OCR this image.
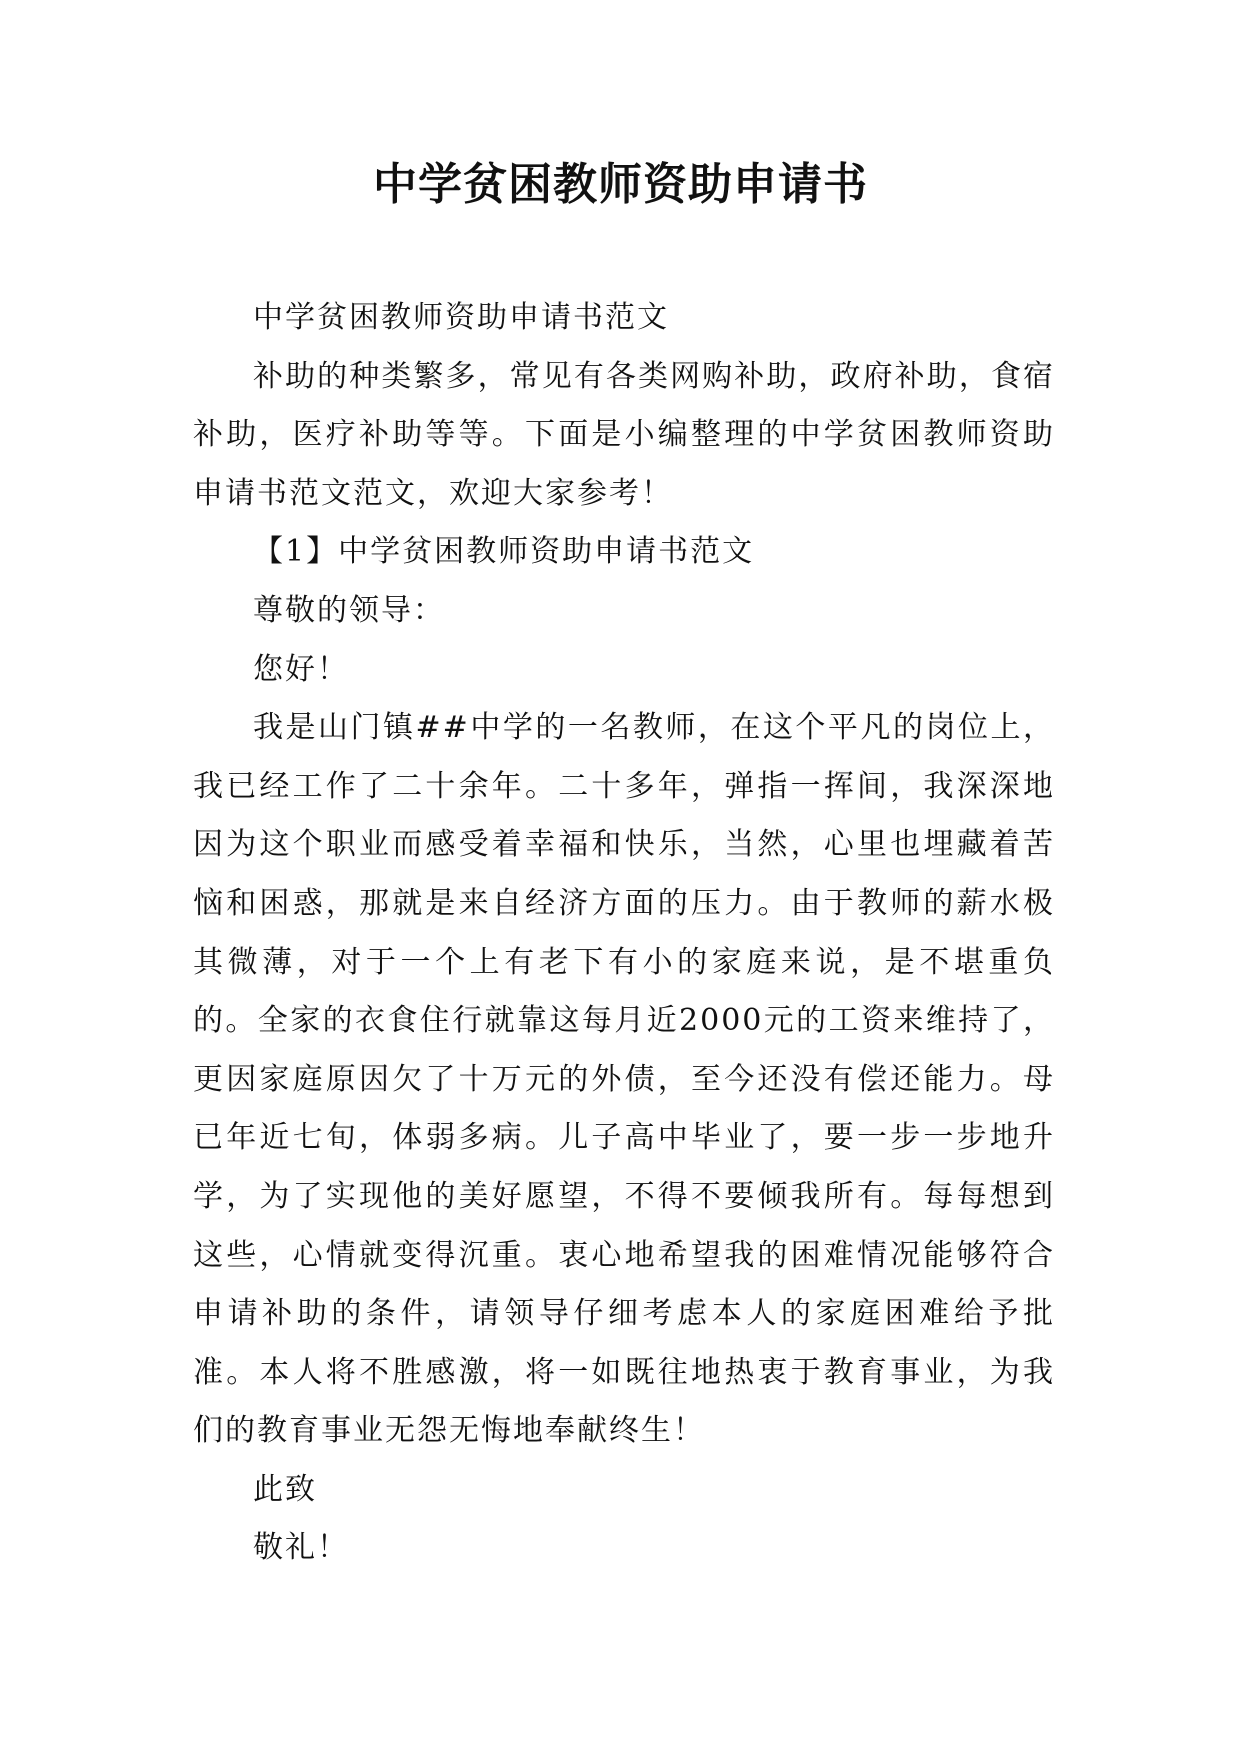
中学贫困教师资助申请书

中学贫困教师资助申请书范文

补助的种类繁多，常见有各类网购补助，政府补助，食宿补助，医疗补助等等。下面是小编整理的中学贫困教师资助申请书范文范文，欢迎大家参考！

【1】中学贫困教师资助申请书范文

尊敬的领导：

您好！

我是山门镇##中学的一名教师，在这个平凡的岗位上，我已经工作了二十余年。二十多年，弹指一挥间，我深深地因为这个职业而感受着幸福和快乐，当然，心里也埋藏着苦恼和困惑，那就是来自经济方面的压力。由于教师的薪水极其微薄，对于一个上有老下有小的家庭来说，是不堪重负的。全家的衣食住行就靠这每月近2000元的工资来维持了，更因家庭原因欠了十万元的外债，至今还没有偿还能力。母已年近七旬，体弱多病。儿子高中毕业了，要一步一步地升学，为了实现他的美好愿望，不得不要倾我所有。每每想到这些，心情就变得沉重。衷心地希望我的困难情况能够符合申请补助的条件，请领导仔细考虑本人的家庭困难给予批准。本人将不胜感激，将一如既往地热衷于教育事业，为我们的教育事业无怨无悔地奉献终生！

此致

敬礼！
